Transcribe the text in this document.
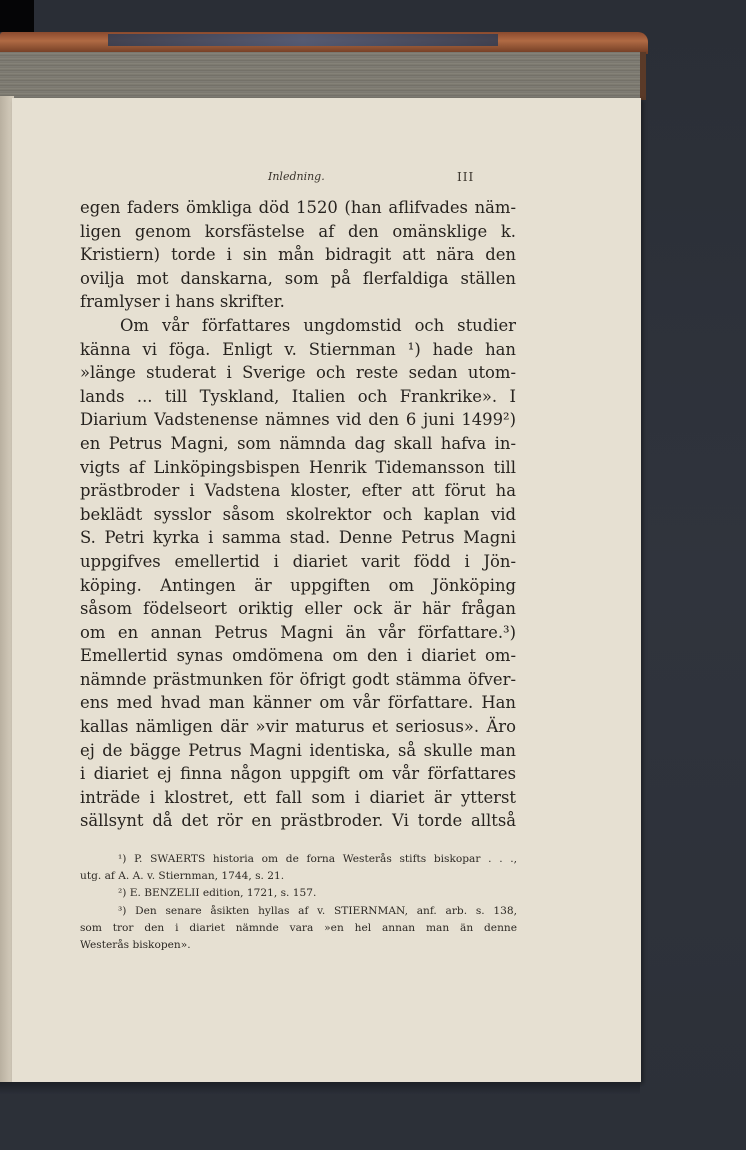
Inledning.	III
egen faders ömkliga död 1520 (han aflifvades näm-
ligen genom korsfästelse af den omänsklige k.
Kristiern) torde i sin mån bidragit att nära den
ovilja mot danskarna, som på flerfaldiga ställen
framlyser i hans skrifter.
Om vår författares ungdomstid och studier
känna vi föga. Enligt v. Stiernman ¹) hade han
»länge studerat i Sverige och reste sedan utom-
lands ... till Tyskland, Italien och Frankrike». I
Diarium Vadstenense nämnes vid den 6 juni 1499²)
en Petrus Magni, som nämnda dag skall hafva in-
vigts af Linköpingsbispen Henrik Tidemansson till
prästbroder i Vadstena kloster, efter att förut ha
beklädt sysslor såsom skolrektor och kaplan vid
S. Petri kyrka i samma stad. Denne Petrus Magni
uppgifves emellertid i diariet varit född i Jön-
köping. Antingen är uppgiften om Jönköping
såsom födelseort oriktig eller ock är här frågan
om en annan Petrus Magni än vår författare.³)
Emellertid synas omdömena om den i diariet om-
nämnde prästmunken för öfrigt godt stämma öfver-
ens med hvad man känner om vår författare. Han
kallas nämligen där »vir maturus et seriosus». Äro
ej de bägge Petrus Magni identiska, så skulle man
i diariet ej finna någon uppgift om vår författares
inträde i klostret, ett fall som i diariet är ytterst
sällsynt då det rör en prästbroder. Vi torde alltså
¹) P. SWAERTS historia om de forna Westerås stifts biskopar . . .,
utg. af A. A. v. Stiernman, 1744, s. 21.
²) E. BENZELII edition, 1721, s. 157.
³) Den senare åsikten hyllas af v. STIERNMAN, anf. arb. s. 138,
som tror den i diariet nämnde vara »en hel annan man än denne
Westerås biskopen».
